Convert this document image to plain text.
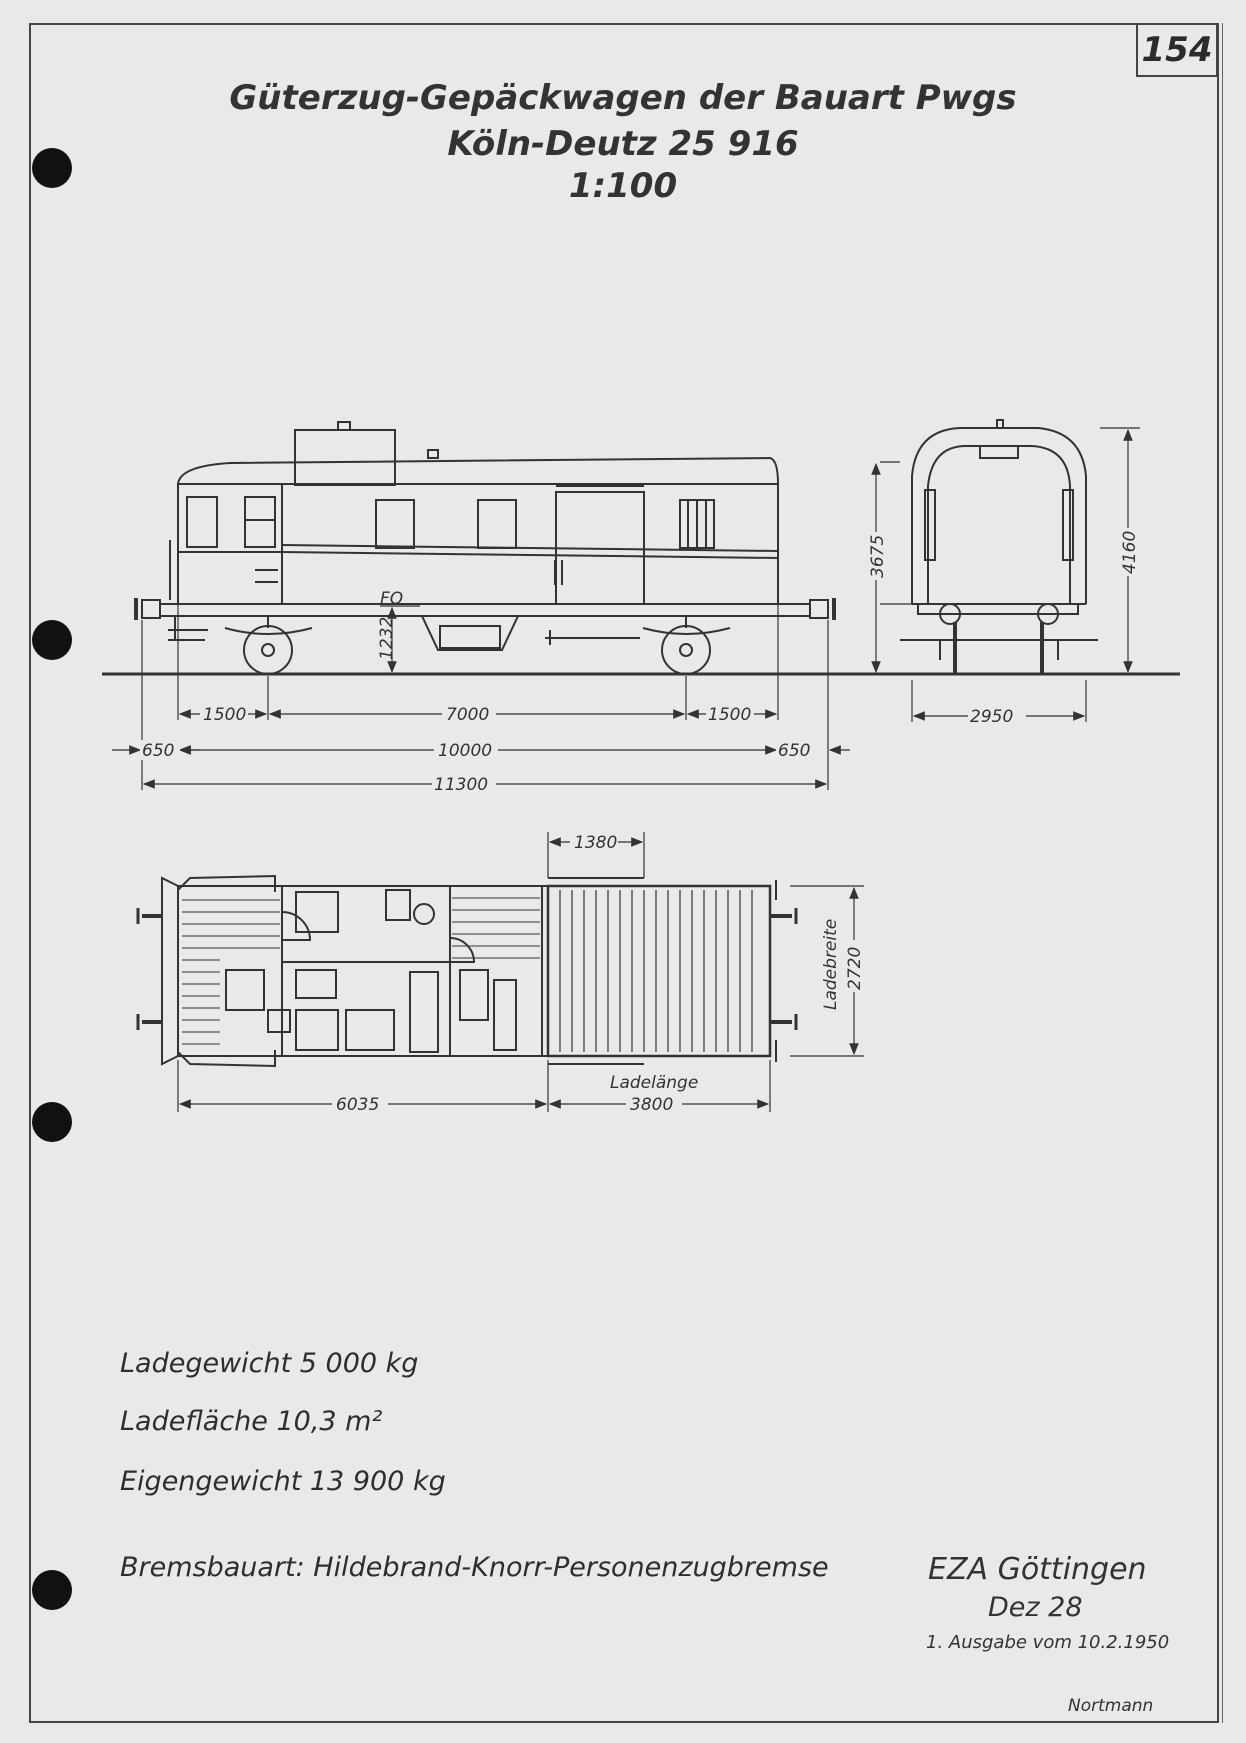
154
Güterzug-Gepäckwagen der Bauart Pwgs
Köln-Deutz 25 916
1:100
1500	7000	1500
650	10000	650
11300
FO
1232
3675	4160
2950
1380
Ladebreite 2720
6035
Ladelänge
3800
Ladegewicht 5 000 kg
Ladefläche 10,3 m²
Eigengewicht 13 900 kg
Bremsbauart: Hildebrand-Knorr-Personenzugbremse	EZA Göttingen
Dez 28
1. Ausgabe vom 10.2.1950
Nortmann
